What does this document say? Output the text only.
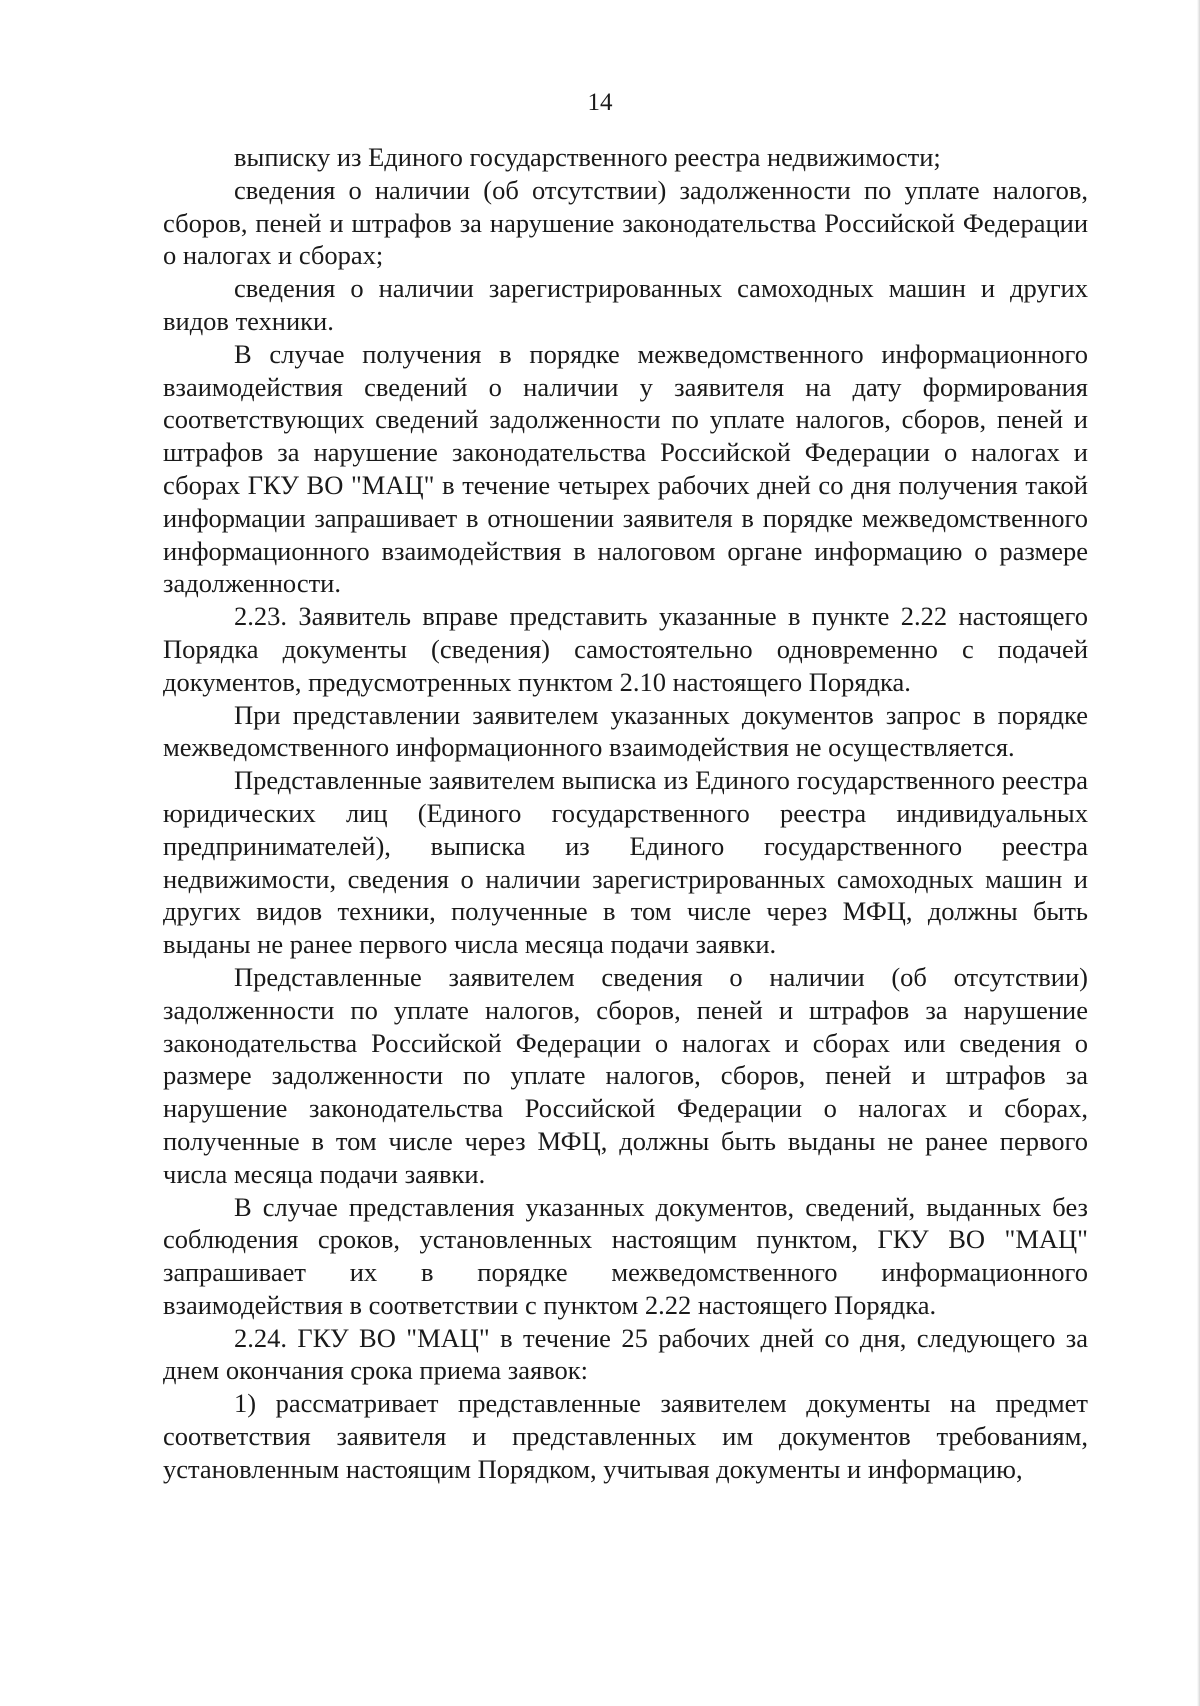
14

выписку из Единого государственного реестра недвижимости;

сведения о наличии (об отсутствии) задолженности по уплате налогов, сборов, пеней и штрафов за нарушение законодательства Российской Федерации о налогах и сборах;

сведения о наличии зарегистрированных самоходных машин и других видов техники.

В случае получения в порядке межведомственного информационного взаимодействия сведений о наличии у заявителя на дату формирования соответствующих сведений задолженности по уплате налогов, сборов, пеней и штрафов за нарушение законодательства Российской Федерации о налогах и сборах ГКУ ВО "МАЦ" в течение четырех рабочих дней со дня получения такой информации запрашивает в отношении заявителя в порядке межведомственного информационного взаимодействия в налоговом органе информацию о размере задолженности.

2.23. Заявитель вправе представить указанные в пункте 2.22 настоящего Порядка документы (сведения) самостоятельно одновременно с подачей документов, предусмотренных пунктом 2.10 настоящего Порядка.

При представлении заявителем указанных документов запрос в порядке межведомственного информационного взаимодействия не осуществляется.

Представленные заявителем выписка из Единого государственного реестра юридических лиц (Единого государственного реестра индивидуальных предпринимателей), выписка из Единого государственного реестра недвижимости, сведения о наличии зарегистрированных самоходных машин и других видов техники, полученные в том числе через МФЦ, должны быть выданы не ранее первого числа месяца подачи заявки.

Представленные заявителем сведения о наличии (об отсутствии) задолженности по уплате налогов, сборов, пеней и штрафов за нарушение законодательства Российской Федерации о налогах и сборах или сведения о размере задолженности по уплате налогов, сборов, пеней и штрафов за нарушение законодательства Российской Федерации о налогах и сборах, полученные в том числе через МФЦ, должны быть выданы не ранее первого числа месяца подачи заявки.

В случае представления указанных документов, сведений, выданных без соблюдения сроков, установленных настоящим пунктом, ГКУ ВО "МАЦ" запрашивает их в порядке межведомственного информационного взаимодействия в соответствии с пунктом 2.22 настоящего Порядка.

2.24. ГКУ ВО "МАЦ" в течение 25 рабочих дней со дня, следующего за днем окончания срока приема заявок:

1) рассматривает представленные заявителем документы на предмет соответствия заявителя и представленных им документов требованиям, установленным настоящим Порядком, учитывая документы и информацию,
